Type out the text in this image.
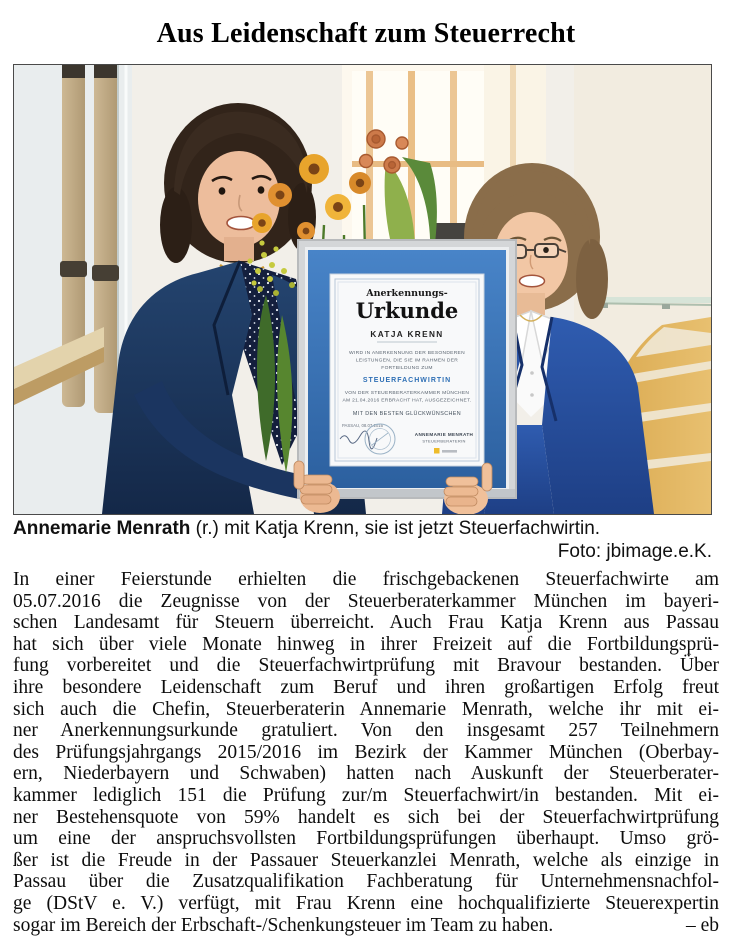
Aus Leidenschaft zum Steuerrecht
Anerkennungs-
Urkunde
KATJA KRENN
WIRD IN ANERKENNUNG DER BESONDEREN
LEISTUNGEN, DIE SIE IM RAHMEN DER
FORTBILDUNG ZUM
STEUERFACHWIRTIN
VON DER STEUERBERATERKAMMER MÜNCHEN
AM 21.04.2016 ERBRACHT HAT, AUSGEZEICHNET.
MIT DEN BESTEN GLÜCKWÜNSCHEN
PASSAU, 08.07.2016
ANNEMARIE MENRATH
STEUERBERATERIN
Annemarie Menrath (r.) mit Katja Krenn, sie ist jetzt Steuerfachwirtin.
Foto: jbimage.e.K.
In einer Feierstunde erhielten die frischgebackenen Steuerfachwirte am
05.07.2016 die Zeugnisse von der Steuerberaterkammer München im bayeri-
schen Landesamt für Steuern überreicht. Auch Frau Katja Krenn aus Passau
hat sich über viele Monate hinweg in ihrer Freizeit auf die Fortbildungsprü-
fung vorbereitet und die Steuerfachwirtprüfung mit Bravour bestanden. Über
ihre besondere Leidenschaft zum Beruf und ihren großartigen Erfolg freut
sich auch die Chefin, Steuerberaterin Annemarie Menrath, welche ihr mit ei-
ner Anerkennungsurkunde gratuliert. Von den insgesamt 257 Teilnehmern
des Prüfungsjahrgangs 2015/2016 im Bezirk der Kammer München (Oberbay-
ern, Niederbayern und Schwaben) hatten nach Auskunft der Steuerberater-
kammer lediglich 151 die Prüfung zur/m Steuerfachwirt/in bestanden. Mit ei-
ner Bestehensquote von 59% handelt es sich bei der Steuerfachwirtprüfung
um eine der anspruchsvollsten Fortbildungsprüfungen überhaupt. Umso grö-
ßer ist die Freude in der Passauer Steuerkanzlei Menrath, welche als einzige in
Passau über die Zusatzqualifikation Fachberatung für Unternehmensnachfol-
ge (DStV e. V.) verfügt, mit Frau Krenn eine hochqualifizierte Steuerexpertin
sogar im Bereich der Erbschaft-/Schenkungsteuer im Team zu haben.	– eb
